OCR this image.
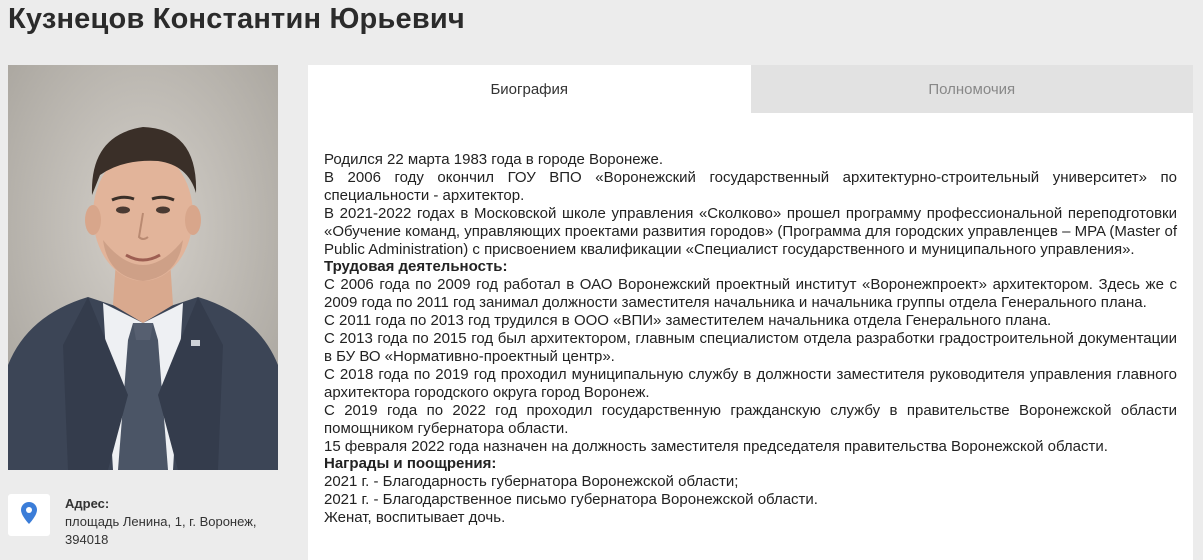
Кузнецов Константин Юрьевич
Адрес:
площадь Ленина, 1, г. Воронеж,
394018
Биография	Полномочия

Родился 22 марта 1983 года в городе Воронеже.

В 2006 году окончил ГОУ ВПО «Воронежский государственный архитектурно-строительный университет» по специальности - архитектор.

В 2021-2022 годах в Московской школе управления «Сколково» прошел программу профессиональной переподготовки «Обучение команд, управляющих проектами развития городов» (Программа для городских управленцев – MPA (Master of Public Administration) с присвоением квалификации «Специалист государственного и муниципального управления».

Трудовая деятельность:

С 2006 года по 2009 год работал в ОАО Воронежский проектный институт «Воронежпроект» архитектором. Здесь же с 2009 года по 2011 год занимал должности заместителя начальника и начальника группы отдела Генерального плана.

С 2011 года по 2013 год трудился в ООО «ВПИ» заместителем начальника отдела Генерального плана.

С 2013 года по 2015 год был архитектором, главным специалистом отдела разработки градостроительной документации в БУ ВО «Нормативно-проектный центр».

С 2018 года по 2019 год проходил муниципальную службу в должности заместителя руководителя управления главного архитектора городского округа город Воронеж.

С 2019 года по 2022 год проходил государственную гражданскую службу в правительстве Воронежской области помощником губернатора области.

15 февраля 2022 года назначен на должность заместителя председателя правительства Воронежской области.

Награды и поощрения:

2021 г. - Благодарность губернатора Воронежской области;

2021 г. - Благодарственное письмо губернатора Воронежской области.

Женат, воспитывает дочь.
